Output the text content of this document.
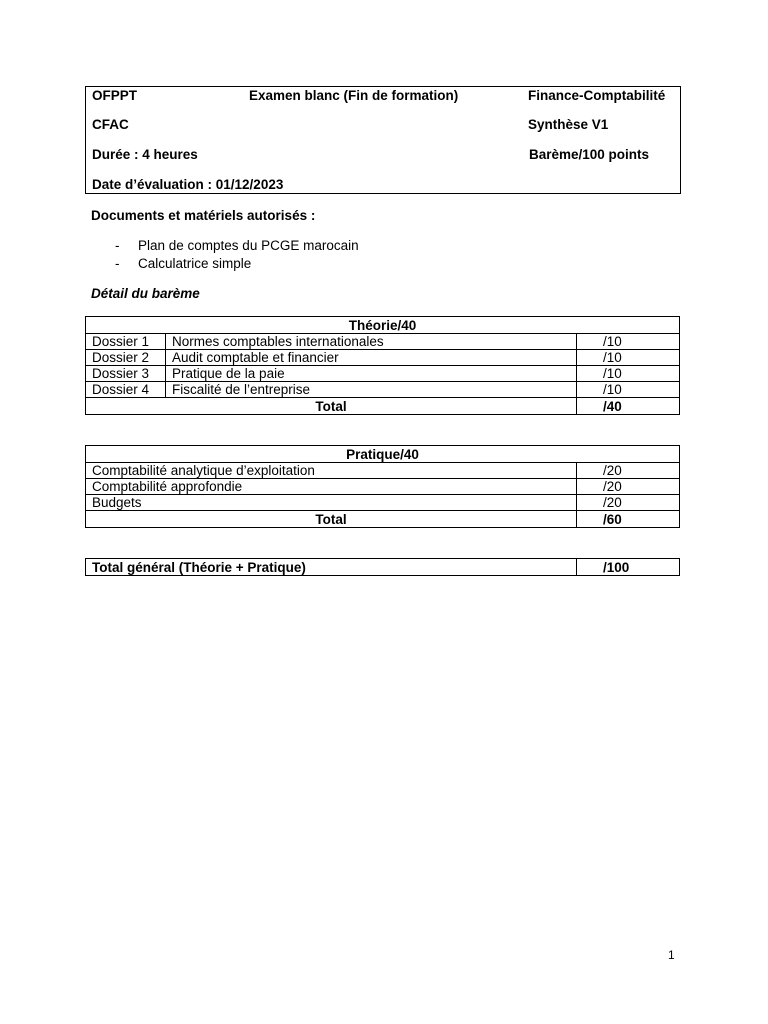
OFPPT	Examen blanc (Fin de formation)	Finance-Comptabilité
CFAC	Synthèse V1
Durée : 4 heures	Barème/100 points
Date d’évaluation : 01/12/2023
Documents et matériels autorisés :
- Plan de comptes du PCGE marocain
- Calculatrice simple
Détail du barème
Théorie/40		
Dossier 1	Normes comptables internationales	/10
Dossier 2	Audit comptable et financier	/10
Dossier 3	Pratique de la paie	/10
Dossier 4	Fiscalité de l’entreprise	/10
Total		/40
Pratique/40	
Comptabilité analytique d’exploitation	/20
Comptabilité approfondie	/20
Budgets	/20
Total	/60
Total général (Théorie + Pratique)	/100
1
